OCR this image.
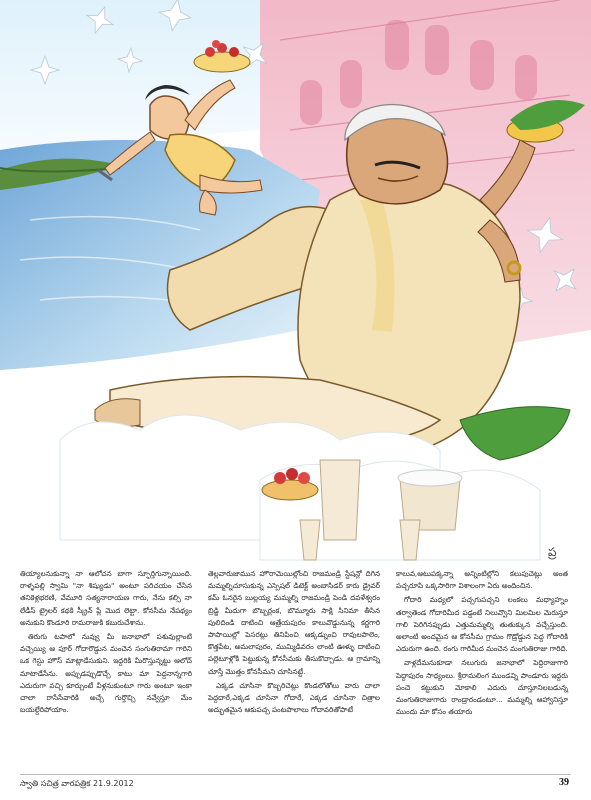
ప్ర

తియ్యాలనుకున్నా నా ఆలోచన బాగా స్ఫూర్తిగున్నాయింది. రాళ్ళపల్లి స్వామి "నా శిష్యుడు" అంటూ పరిచయం చేసిన తనికెళ్లభరణి, వేమూరి సత్యనారాయణ గారు, నేను కల్సి నా లేడీస్ ట్రైలర్ కథకి స్క్రీన్ ప్లే మొద లెట్టా. కోనసీమ నేపథ్యం అనుకుని కొండూరి రామరాజుకి కబురుచేశాను.

తిరుగు టపాలో నువ్వు మీ జనాభాలో పశువుల్లాంటి వచ్చెయ్యి ఆ పూర్ గోదారొడ్డున మంచెన సంగుతిరామా గారిని ఒక గెస్టు హౌస్ మాట్లాడేసుకుని. ఇద్దరికి మీరొస్తున్నట్టు ఆలోచ్ మాటాడేసేను. అప్పుడప్పుడొచ్చే కాటు మా పెద్దనాన్నగారి ఎదురుగా వచ్చి కూర్చుంటే వీళ్లనుకుంటూ గారు అంటూ ఇంకా చాలా రాసేసేవారికి అచ్చే గుర్తొచ్చి నవ్వేస్తూ మేం బయల్దేరిపోయాం.

తెల్లవారుజామున హౌరామెయిల్లోంచి రాజమండ్రి స్టేషన్లో దిగిన మమ్మల్నిచూసుకున్న ఎస్పెషల్ డిటెక్ట్ అంబాసిడర్ కారు డ్రైవర్ కమ్ ఓనరైన బుల్లయ్య మమ్మల్ని రాజమండ్రి పెండి దవళేశ్వరం బ్రిడ్జి మీదుగా బొబ్బర్లంక, బొమ్మూరు సాక్షి సినిమా తీసిన పులిదిండి దాటించి ఆత్రేయపురం కాలువొడ్డునున్న కర్ణగారి పాపాయిల్లో పెసరట్లు తినిపించి ఆక్కడ్నుంచి రావులపాలెం, కొత్తపేట, అమలాపురం, ముమ్మిడివరం లాంటి ఊళ్ళు దాటించి పల్లెటూళ్లోకి పెట్టుకున్న కోనసీమకు తీసుకొచ్చాడు. ఆ గ్రామాన్ని చూస్తే మొత్తం కోనసీమని చూసినట్టే.

ఎక్కడ చూసినా కొబ్బరిచెట్లు కొండలోతోలు వారు చాలా పెద్దదారే,ఎక్కడ చూసినా గోదారే, ఎక్కడ చూసినా చిత్రాల అద్భుతమైన ఆకుపచ్చ పంటపొలాలు గోదావరితోపాటే

కాలువ,ఆటుపక్కన్నా అన్నింటిల్లోని కలుపుచెట్లు అంత పచ్చరూపి ఒక్కసారిగా విశాలంగా ఏరు అందించిన.

గోదారి మధ్యలో పచ్చగుపచ్చని లంకలు మధ్యాహ్నం తర్వాతెండ గోదారిమీద పడ్డంటే నిలువ్వొని మిలమిల మెరుస్తూ గాలి పెరిగినప్పుడు ఎత్తుమమ్మల్ని తుతుక్కున వచ్చేస్తుంది. అలాంటి అందమైన ఆ కోనసీమ గ్రామం గొడ్రోడ్డున పెద్ద గోదారికి ఎదురుగా ఉంది. రంగు గారిమీద మంచెన మంగుతిరాజు గారిది.

వాళ్లదేమనుకూడా నలుగురు జనాభాలో పెద్దిరాజుగారి పెద్దాపురం సాధ్యంలు. శ్రీరామలింగ ముండవ్ని పాండూరు ఇద్దరు పంచె కట్టుకుని మోకాలి ఎదురు చూస్తూనిలబడున్న మంగుతిరాజుగారు రాండ్రారండంటూ... మమ్మల్ని ఆహ్వానిస్తూ ముందు మా కోసం తయారు

స్వాతి సచిత్ర వారపత్రిక 21.9.2012	39
